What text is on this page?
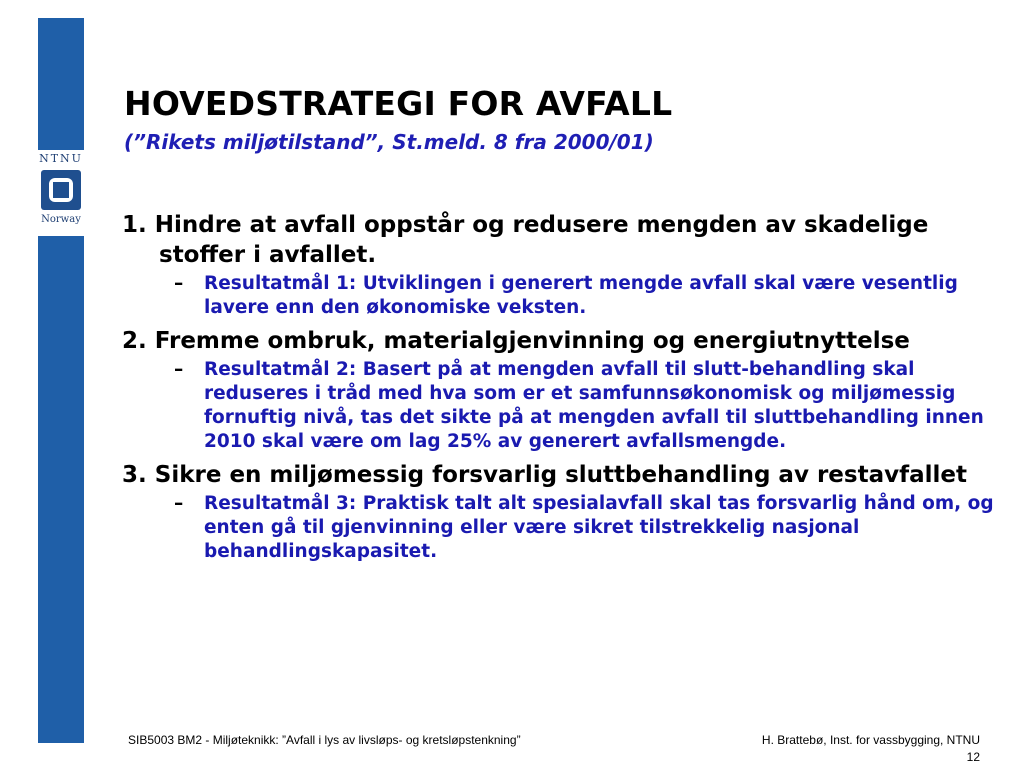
NTNU
Norway
HOVEDSTRATEGI FOR AVFALL
(”Rikets miljøtilstand”, St.meld. 8 fra 2000/01)

1. Hindre at avfall oppstår og redusere mengden av skadelige stoffer i avfallet.

– Resultatmål 1: Utviklingen i generert mengde avfall skal være vesentlig lavere enn den økonomiske veksten.

2. Fremme ombruk, materialgjenvinning og energiutnyttelse

– Resultatmål 2: Basert på at mengden avfall til slutt-behandling skal reduseres i tråd med hva som er et samfunnsøkonomisk og miljømessig fornuftig nivå, tas det sikte på at mengden avfall til sluttbehandling innen 2010 skal være om lag 25% av generert avfallsmengde.

3. Sikre en miljømessig forsvarlig sluttbehandling av restavfallet

– Resultatmål 3: Praktisk talt alt spesialavfall skal tas forsvarlig hånd om, og enten gå til gjenvinning eller være sikret tilstrekkelig nasjonal behandlingskapasitet.
SIB5003 BM2 - Miljøteknikk: ”Avfall i lys av livsløps- og kretsløpstenkning”	H. Brattebø, Inst. for vassbygging, NTNU
12
